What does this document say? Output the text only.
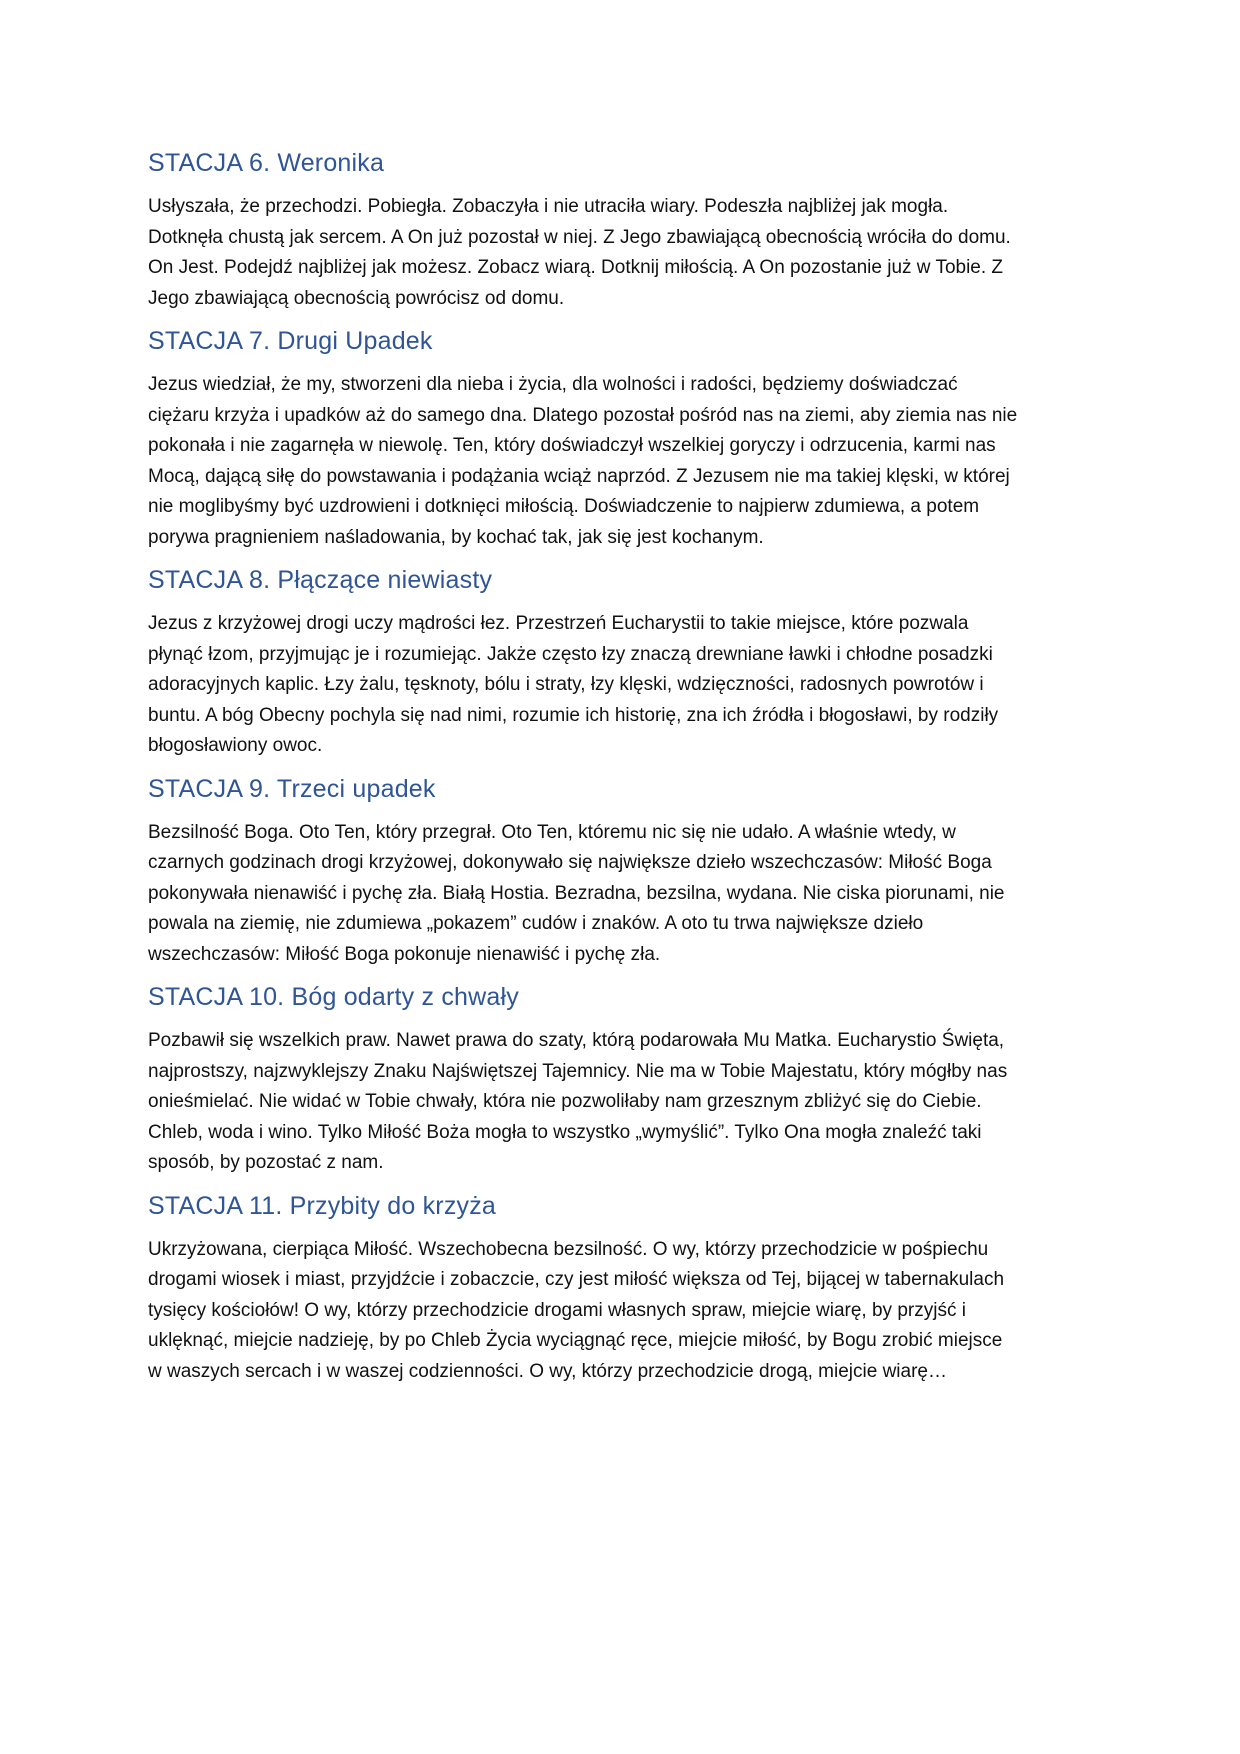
STACJA 6. Weronika

Usłyszała, że przechodzi. Pobiegła. Zobaczyła i nie utraciła wiary. Podeszła najbliżej jak mogła.
Dotknęła chustą jak sercem. A On już pozostał w niej. Z Jego zbawiającą obecnością wróciła do domu.
On Jest. Podejdź najbliżej jak możesz. Zobacz wiarą. Dotknij miłością. A On pozostanie już w Tobie. Z
Jego zbawiającą obecnością powrócisz od domu.

STACJA 7. Drugi Upadek

Jezus wiedział, że my, stworzeni dla nieba i życia, dla wolności i radości, będziemy doświadczać
ciężaru krzyża i upadków aż do samego dna. Dlatego pozostał pośród nas na ziemi, aby ziemia nas nie
pokonała i nie zagarnęła w niewolę. Ten, który doświadczył wszelkiej goryczy i odrzucenia, karmi nas
Mocą, dającą siłę do powstawania i podążania wciąż naprzód. Z Jezusem nie ma takiej klęski, w której
nie moglibyśmy być uzdrowieni i dotknięci miłością. Doświadczenie to najpierw zdumiewa, a potem
porywa pragnieniem naśladowania, by kochać tak, jak się jest kochanym.

STACJA 8. Płączące niewiasty

Jezus z krzyżowej drogi uczy mądrości łez. Przestrzeń Eucharystii to takie miejsce, które pozwala
płynąć łzom, przyjmując je i rozumiejąc. Jakże często łzy znaczą drewniane ławki i chłodne posadzki
adoracyjnych kaplic. Łzy żalu, tęsknoty, bólu i straty, łzy klęski, wdzięczności, radosnych powrotów i
buntu. A bóg Obecny pochyla się nad nimi, rozumie ich historię, zna ich źródła i błogosławi, by rodziły
błogosławiony owoc.

STACJA 9. Trzeci upadek

Bezsilność Boga. Oto Ten, który przegrał. Oto Ten, któremu nic się nie udało. A właśnie wtedy, w
czarnych godzinach drogi krzyżowej, dokonywało się największe dzieło wszechczasów: Miłość Boga
pokonywała nienawiść i pychę zła. Białą Hostia. Bezradna, bezsilna, wydana. Nie ciska piorunami, nie
powala na ziemię, nie zdumiewa „pokazem” cudów i znaków. A oto tu trwa największe dzieło
wszechczasów: Miłość Boga pokonuje nienawiść i pychę zła.

STACJA 10. Bóg odarty z chwały

Pozbawił się wszelkich praw. Nawet prawa do szaty, którą podarowała Mu Matka. Eucharystio Święta,
najprostszy, najzwyklejszy Znaku Najświętszej Tajemnicy. Nie ma w Tobie Majestatu, który mógłby nas
onieśmielać. Nie widać w Tobie chwały, która nie pozwoliłaby nam grzesznym zbliżyć się do Ciebie.
Chleb, woda i wino. Tylko Miłość Boża mogła to wszystko „wymyślić”. Tylko Ona mogła znaleźć taki
sposób, by pozostać z nam.

STACJA 11. Przybity do krzyża

Ukrzyżowana, cierpiąca Miłość. Wszechobecna bezsilność. O wy, którzy przechodzicie w pośpiechu
drogami wiosek i miast, przyjdźcie i zobaczcie, czy jest miłość większa od Tej, bijącej w tabernakulach
tysięcy kościołów! O wy, którzy przechodzicie drogami własnych spraw, miejcie wiarę, by przyjść i
uklęknąć, miejcie nadzieję, by po Chleb Życia wyciągnąć ręce, miejcie miłość, by Bogu zrobić miejsce
w waszych sercach i w waszej codzienności. O wy, którzy przechodzicie drogą, miejcie wiarę…
